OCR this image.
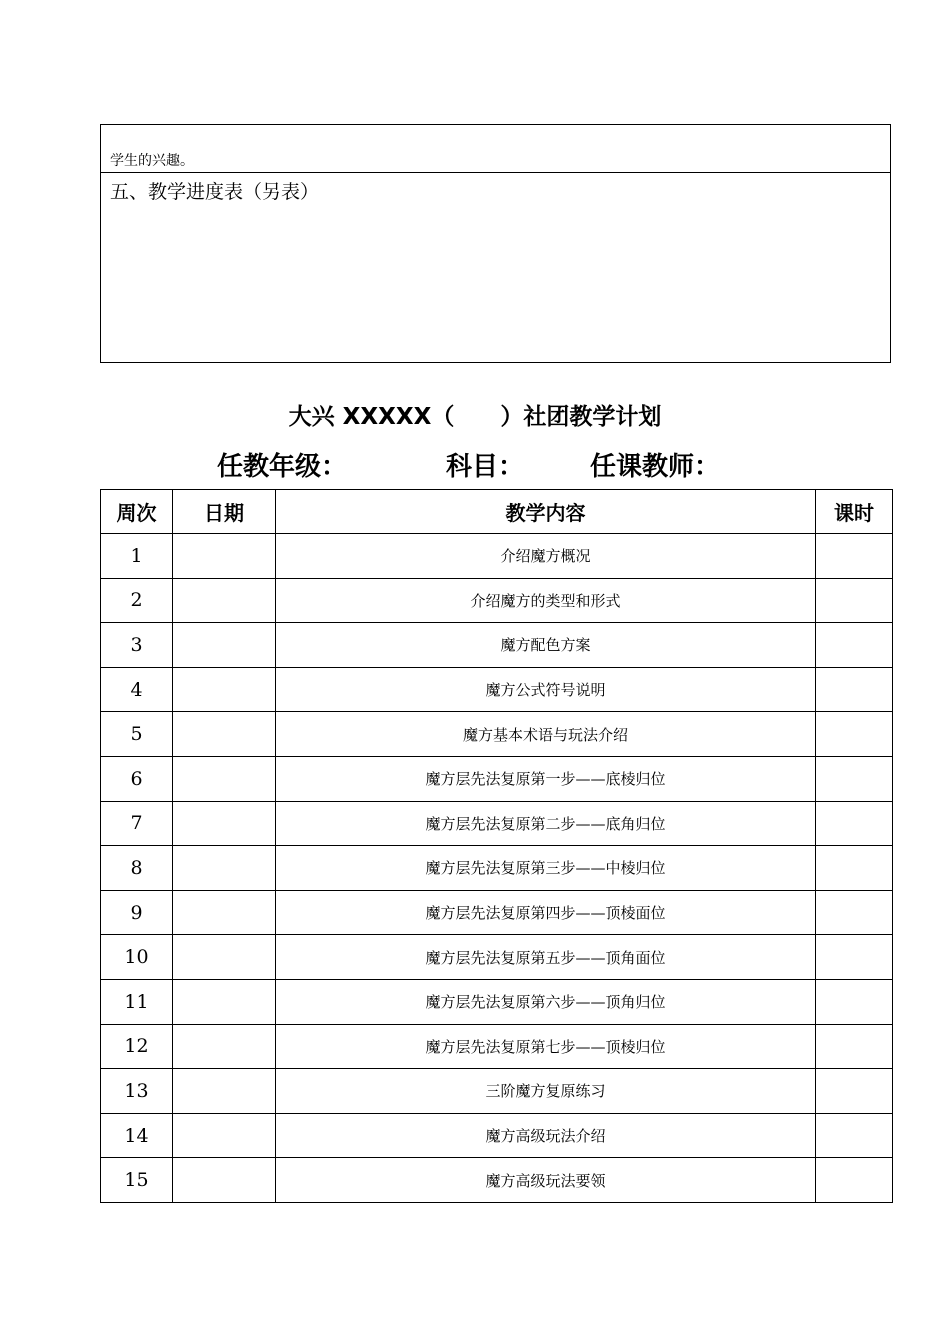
学生的兴趣。
五、教学进度表（另表）
大兴 XXXXX（　　）社团教学计划
任教年级：	科目：	任课教师：
周次	日期	教学内容	课时
1		介绍魔方概况	
2		介绍魔方的类型和形式	
3		魔方配色方案	
4		魔方公式符号说明	
5		魔方基本术语与玩法介绍	
6		魔方层先法复原第一步——底棱归位	
7		魔方层先法复原第二步——底角归位	
8		魔方层先法复原第三步——中棱归位	
9		魔方层先法复原第四步——顶棱面位	
10		魔方层先法复原第五步——顶角面位	
11		魔方层先法复原第六步——顶角归位	
12		魔方层先法复原第七步——顶棱归位	
13		三阶魔方复原练习	
14		魔方高级玩法介绍	
15		魔方高级玩法要领	
